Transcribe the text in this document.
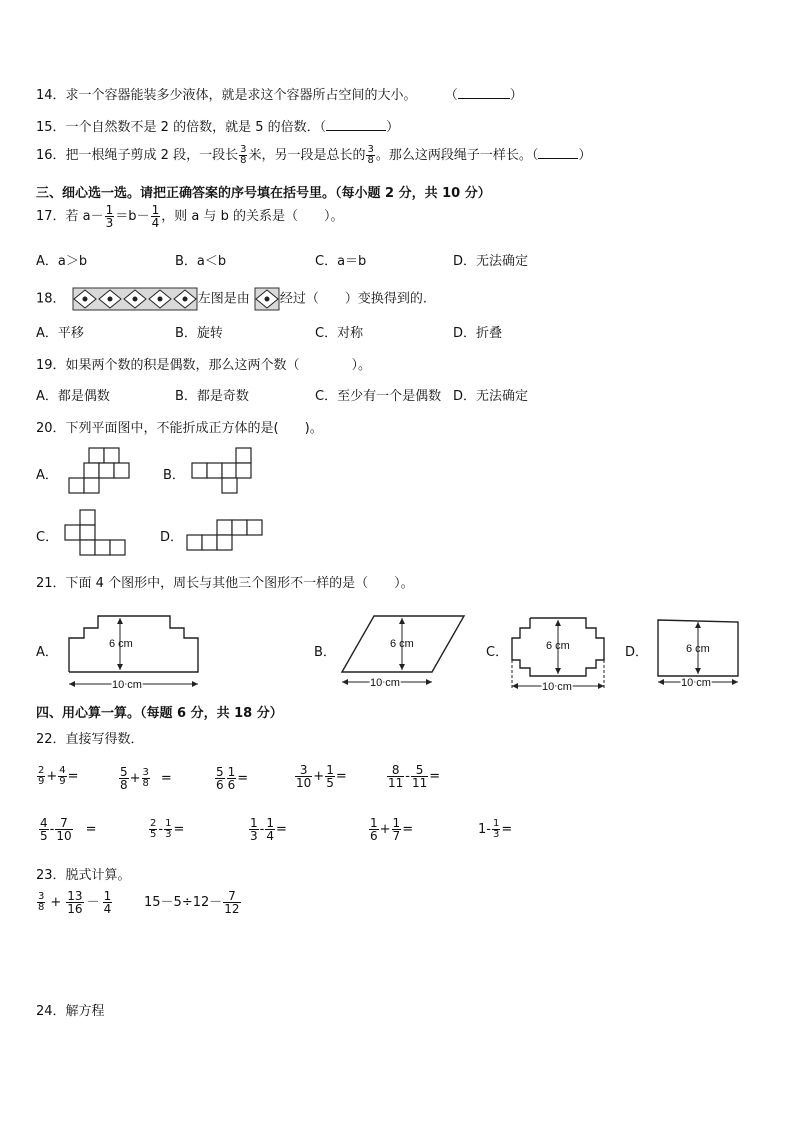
14．求一个容器能装多少液体，就是求这个容器所占空间的大小。 （	）
15．一个自然数不是 2 的倍数，就是 5 的倍数．（	）
16．把一根绳子剪成 2 段，一段长 $\frac{3}{8}$ 米，另一段是总长的 $\frac{3}{8}$ 。那么这两段绳子一样长。（	）
三、细心选一选。请把正确答案的序号填在括号里。（每小题 2 分，共 10 分）
17．若 $a- \frac{1}{3} =b- \frac{1}{4}$ ，则 a 与 b 的关系是（　　）。
A．a＞b	B．a＜b	C．a＝b	D．无法确定
18．	左图是由 经过（　　）变换得到的.
A．平移	B．旋转	C．对称	D．折叠
19．如果两个数的积是偶数，那么这两个数（　　　　）。
A．都是偶数	B．都是奇数	C．至少有一个是偶数 D．无法确定
20．下列平面图中，不能折成正方体的是(　　)。
A．	B．
C．	D．
21．下面 4 个图形中，周长与其他三个图形不一样的是（　　）。
A．
6 cm
10 cm
B．
6 cm
10 cm
C．	6 cm
10 cm
D．	6 cm
10 cm
四、用心算一算。（每题 6 分，共 18 分）
22．直接写得数．
$\frac{2}{9} + \frac{4}{9}$ =	$\frac{5}{8} + \frac{3}{8}$ =	$\frac{5}{6} \frac{1}{6}$ =	$\frac{3}{10} + \frac{1}{5}$ =	$\frac{8}{11} - \frac{5}{11}$ =
$\frac{4}{5} - \frac{7}{10}$ =	$\frac{2}{5} - \frac{1}{3}$ =	$\frac{1}{3} - \frac{1}{4}$ =	$\frac{1}{6} + \frac{1}{7}$ =	$1- \frac{1}{3}$ =
23．脱式计算。
$\frac{3}{8} + \frac{13}{16} - \frac{1}{4} 15-5\div 12- \frac{7}{12}$
24．解方程
